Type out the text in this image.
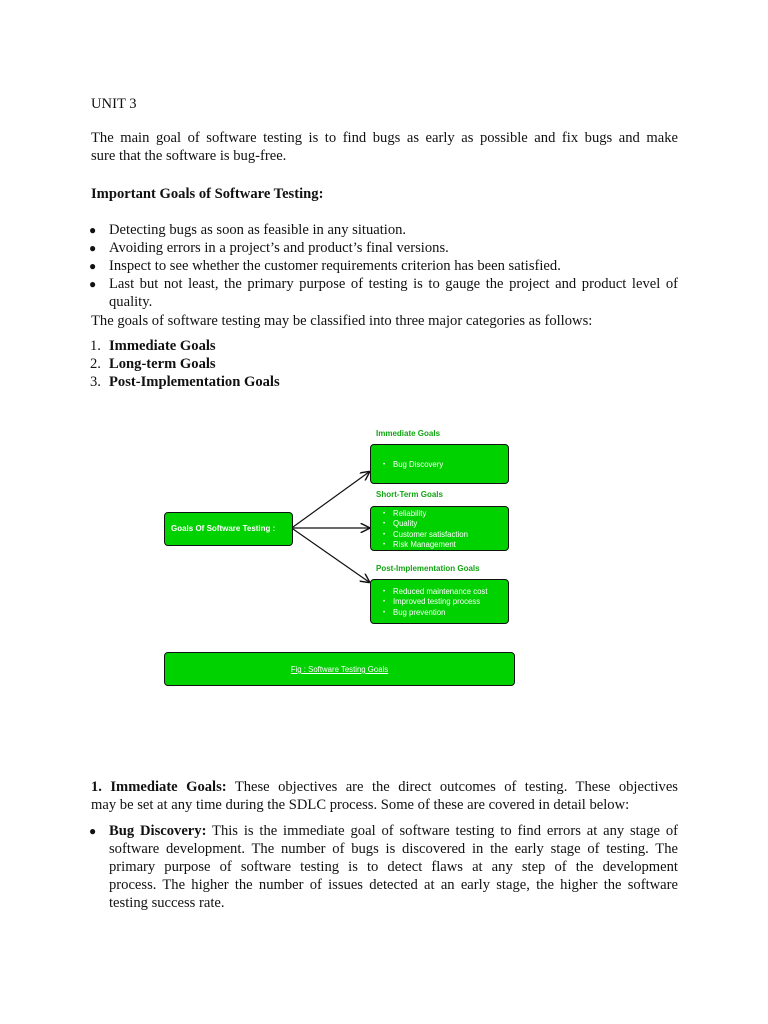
UNIT 3

The main goal of software testing is to find bugs as early as possible and fix bugs and make

sure that the software is bug-free.

Important Goals of Software Testing:

● Detecting bugs as soon as feasible in any situation.
● Avoiding errors in a project’s and product’s final versions.
● Inspect to see whether the customer requirements criterion has been satisfied.
● Last but not least, the primary purpose of testing is to gauge the project and product level of
quality.

The goals of software testing may be classified into three major categories as follows:

1. Immediate Goals
2. Long-term Goals
3. Post-Implementation Goals
Goals Of Software Testing :
Immediate Goals
• Bug Discovery
Short-Term Goals
• Reliability
• Quality
• Customer satisfaction
• Risk Management
Post-Implementation Goals
• Reduced maintenance cost
• Improved testing process
• Bug prevention
Fig : Software Testing Goals

1. Immediate Goals: These objectives are the direct outcomes of testing. These objectives

may be set at any time during the SDLC process. Some of these are covered in detail below:

● Bug Discovery: This is the immediate goal of software testing to find errors at any stage of
software development. The number of bugs is discovered in the early stage of testing. The
primary purpose of software testing is to detect flaws at any step of the development
process. The higher the number of issues detected at an early stage, the higher the software
testing success rate.
